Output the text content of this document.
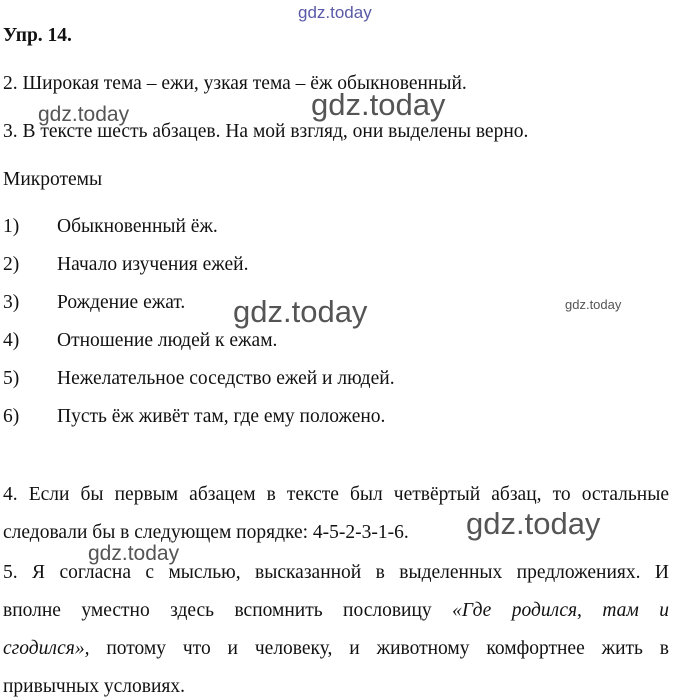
gdz.today
Упр. 14.
2. Широкая тема – ежи, узкая тема – ёж обыкновенный.
gdz.today	gdz.today
3. В тексте шесть абзацев. На мой взгляд, они выделены верно.
Микротемы
1) Обыкновенный ёж.
2) Начало изучения ежей.
3) Рождение ежат.
4) Отношение людей к ежам.
5) Нежелательное соседство ежей и людей.
6) Пусть ёж живёт там, где ему положено.
gdz.today	gdz.today
4. Если бы первым абзацем в тексте был четвёртый абзац, то остальные
следовали бы в следующем порядке: 4-5-2-3-1-6. gdz.today
gdz.today
5. Я согласна с мыслью, высказанной в выделенных предложениях. И
вполне уместно здесь вспомнить пословицу «Где родился, там и
сгодился», потому что и человеку, и животному комфортнее жить в
привычных условиях.
